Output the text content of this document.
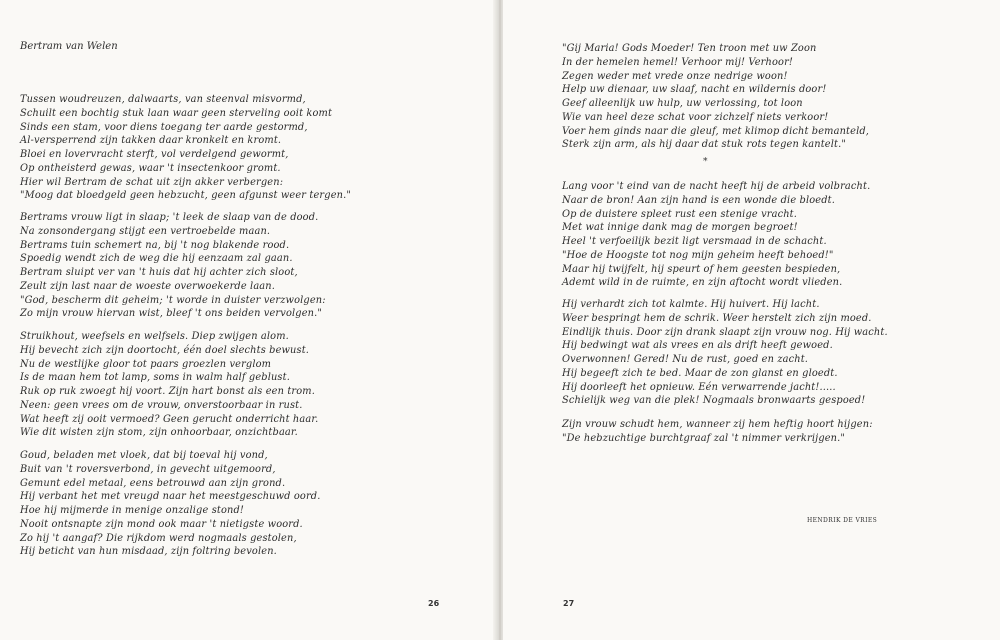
Bertram van Welen
Tussen woudreuzen, dalwaarts, van steenval misvormd,
Schuilt een bochtig stuk laan waar geen sterveling ooit komt
Sinds een stam, voor diens toegang ter aarde gestormd,
Al-versperrend zijn takken daar kronkelt en kromt.
Bloei en lovervracht sterft, vol verdelgend gewormt,
Op ontheisterd gewas, waar 't insectenkoor gromt.
Hier wil Bertram de schat uit zijn akker verbergen:
"Moog dat bloedgeld geen hebzucht, geen afgunst weer tergen."
Bertrams vrouw ligt in slaap; 't leek de slaap van de dood.
Na zonsondergang stijgt een vertroebelde maan.
Bertrams tuin schemert na, bij 't nog blakende rood.
Spoedig wendt zich de weg die hij eenzaam zal gaan.
Bertram sluipt ver van 't huis dat hij achter zich sloot,
Zeult zijn last naar de woeste overwoekerde laan.
"God, bescherm dit geheim; 't worde in duister verzwolgen:
Zo mijn vrouw hiervan wist, bleef 't ons beiden vervolgen."
Struikhout, weefsels en welfsels. Diep zwijgen alom.
Hij bevecht zich zijn doortocht, één doel slechts bewust.
Nu de westlijke gloor tot paars groezlen verglom
Is de maan hem tot lamp, soms in walm half geblust.
Ruk op ruk zwoegt hij voort. Zijn hart bonst als een trom.
Neen: geen vrees om de vrouw, onverstoorbaar in rust.
Wat heeft zij ooit vermoed? Geen gerucht onderricht haar.
Wie dit wisten zijn stom, zijn onhoorbaar, onzichtbaar.
Goud, beladen met vloek, dat bij toeval hij vond,
Buit van 't roversverbond, in gevecht uitgemoord,
Gemunt edel metaal, eens betrouwd aan zijn grond.
Hij verbant het met vreugd naar het meestgeschuwd oord.
Hoe hij mijmerde in menige onzalige stond!
Nooit ontsnapte zijn mond ook maar 't nietigste woord.
Zo hij 't aangaf? Die rijkdom werd nogmaals gestolen,
Hij beticht van hun misdaad, zijn foltring bevolen.
26
"Gij Maria! Gods Moeder! Ten troon met uw Zoon
In der hemelen hemel! Verhoor mij! Verhoor!
Zegen weder met vrede onze nedrige woon!
Help uw dienaar, uw slaaf, nacht en wildernis door!
Geef alleenlijk uw hulp, uw verlossing, tot loon
Wie van heel deze schat voor zichzelf niets verkoor!
Voer hem ginds naar die gleuf, met klimop dicht bemanteld,
Sterk zijn arm, als hij daar dat stuk rots tegen kantelt."
*
Lang voor 't eind van de nacht heeft hij de arbeid volbracht.
Naar de bron! Aan zijn hand is een wonde die bloedt.
Op de duistere spleet rust een stenige vracht.
Met wat innige dank mag de morgen begroet!
Heel 't verfoeilijk bezit ligt versmaad in de schacht.
"Hoe de Hoogste tot nog mijn geheim heeft behoed!"
Maar hij twijfelt, hij speurt of hem geesten bespieden,
Ademt wild in de ruimte, en zijn aftocht wordt vlieden.
Hij verhardt zich tot kalmte. Hij huivert. Hij lacht.
Weer bespringt hem de schrik. Weer herstelt zich zijn moed.
Eindlijk thuis. Door zijn drank slaapt zijn vrouw nog. Hij wacht.
Hij bedwingt wat als vrees en als drift heeft gewoed.
Overwonnen! Gered! Nu de rust, goed en zacht.
Hij begeeft zich te bed. Maar de zon glanst en gloedt.
Hij doorleeft het opnieuw. Eén verwarrende jacht!.....
Schielijk weg van die plek! Nogmaals bronwaarts gespoed!
Zijn vrouw schudt hem, wanneer zij hem heftig hoort hijgen:
"De hebzuchtige burchtgraaf zal 't nimmer verkrijgen."
HENDRIK DE VRIES
27
